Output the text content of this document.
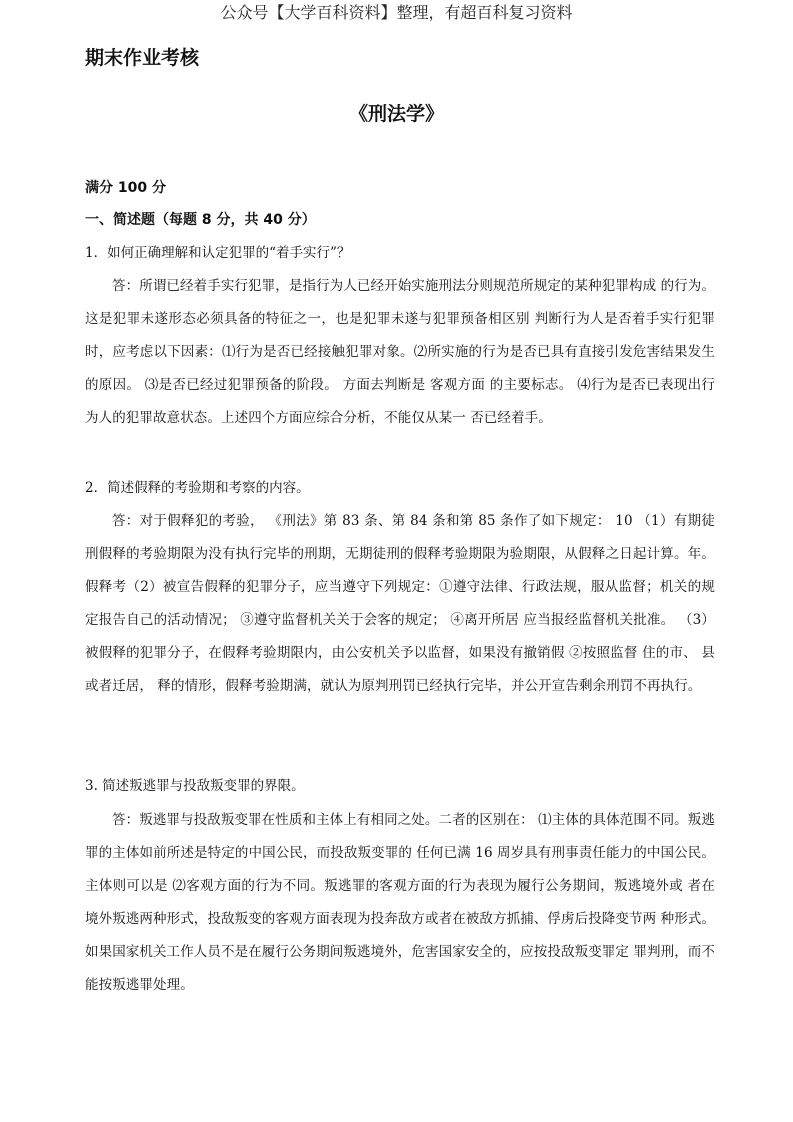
公众号【大学百科资料】整理，有超百科复习资料
期末作业考核
《刑法学》
满分 100 分
一、简述题（每题 8 分，共 40 分）
1．如何正确理解和认定犯罪的“着手实行”？
答：所谓已经着手实行犯罪，是指行为人已经开始实施刑法分则规范所规定的某种犯罪构成 的行为。这是犯罪未遂形态必须具备的特征之一，也是犯罪未遂与犯罪预备相区别 判断行为人是否着手实行犯罪时，应考虑以下因素：⑴行为是否已经接触犯罪对象。⑵所实施的行为是否已具有直接引发危害结果发生的原因。 ⑶是否已经过犯罪预备的阶段。 方面去判断是 客观方面 的主要标志。 ⑷行为是否已表现出行为人的犯罪故意状态。上述四个方面应综合分析，不能仅从某一 否已经着手。
2．简述假释的考验期和考察的内容。
答：对于假释犯的考验， 《刑法》第 83 条、第 84 条和第 85 条作了如下规定： 10 （1）有期徒刑假释的考验期限为没有执行完毕的刑期，无期徒刑的假释考验期限为验期限，从假释之日起计算。年。假释考（2）被宣告假释的犯罪分子，应当遵守下列规定：①遵守法律、行政法规，服从监督；机关的规定报告自己的活动情况； ③遵守监督机关关于会客的规定； ④离开所居 应当报经监督机关批准。 （3）被假释的犯罪分子，在假释考验期限内，由公安机关予以监督，如果没有撤销假 ②按照监督 住的市、 县或者迁居， 释的情形，假释考验期满，就认为原判刑罚已经执行完毕，并公开宣告剩余刑罚不再执行。
3. 简述叛逃罪与投敌叛变罪的界限。
答：叛逃罪与投敌叛变罪在性质和主体上有相同之处。二者的区别在： ⑴主体的具体范围不同。叛逃罪的主体如前所述是特定的中国公民，而投敌叛变罪的 任何已满 16 周岁具有刑事责任能力的中国公民。 主体则可以是 ⑵客观方面的行为不同。叛逃罪的客观方面的行为表现为履行公务期间，叛逃境外或 者在境外叛逃两种形式，投敌叛变的客观方面表现为投奔敌方或者在被敌方抓捕、俘虏后投降变节两 种形式。如果国家机关工作人员不是在履行公务期间叛逃境外，危害国家安全的，应按投敌叛变罪定 罪判刑，而不能按叛逃罪处理。
